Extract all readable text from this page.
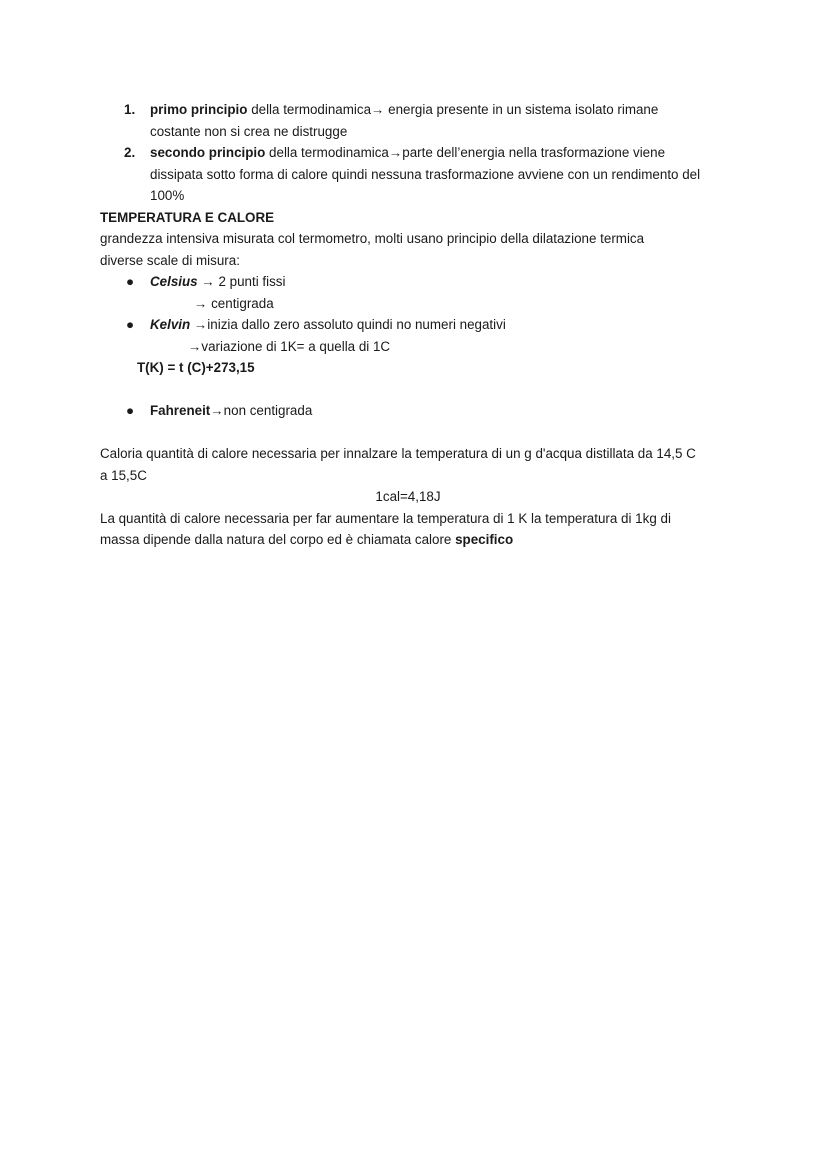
1. primo principio della termodinamica→ energia presente in un sistema isolato rimane
costante non si crea ne distrugge
2. secondo principio della termodinamica→parte dell’energia nella trasformazione viene
dissipata sotto forma di calore quindi nessuna trasformazione avviene con un rendimento del
100%
TEMPERATURA E CALORE
grandezza intensiva misurata col termometro, molti usano principio della dilatazione termica
diverse scale di misura:
● Celsius → 2 punti fissi
→ centigrada
● Kelvin →inizia dallo zero assoluto quindi no numeri negativi
→variazione di 1K= a quella di 1C
T(K) = t (C)+273,15
● Fahreneit→non centigrada
Caloria quantità di calore necessaria per innalzare la temperatura di un g d'acqua distillata da 14,5 C
a 15,5C
1cal=4,18J
La quantità di calore necessaria per far aumentare la temperatura di 1 K la temperatura di 1kg di
massa dipende dalla natura del corpo ed è chiamata calore specifico
